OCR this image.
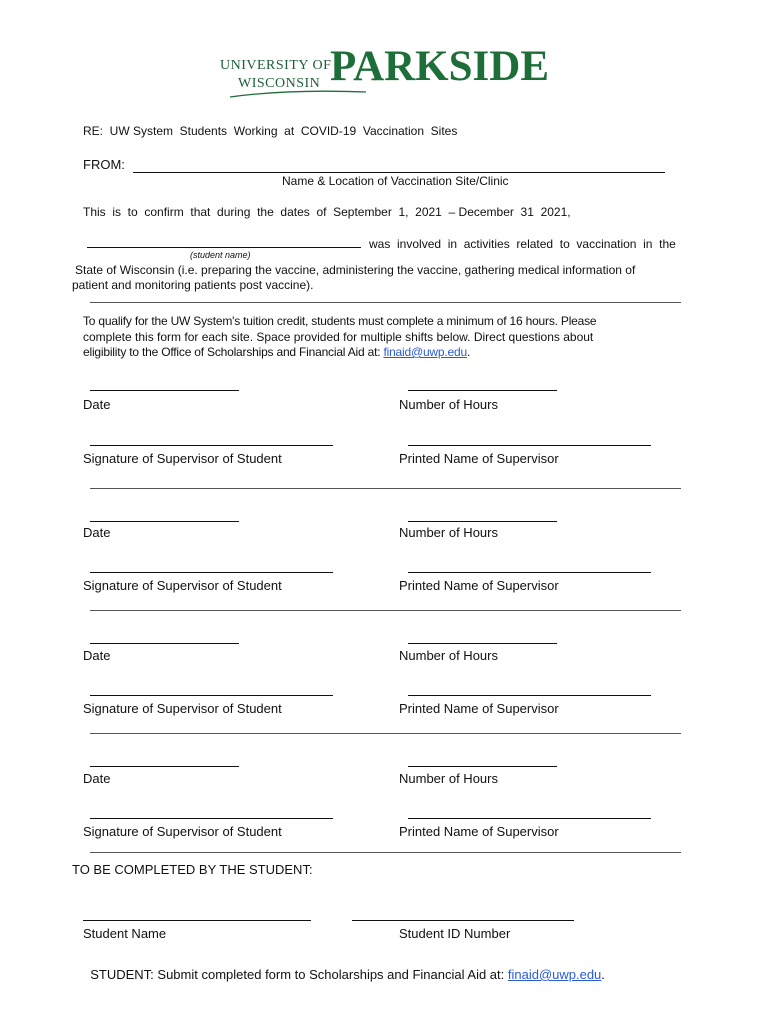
UNIVERSITY OF
WISCONSIN PARKSIDE
RE:  UW System  Students  Working  at  COVID-19  Vaccination  Sites
FROM:
Name & Location of Vaccination Site/Clinic
This  is  to  confirm  that  during  the  dates  of  September  1,  2021  – December  31  2021,
was  involved  in  activities  related  to  vaccination  in  the
(student name)
State of Wisconsin (i.e. preparing the vaccine, administering the vaccine, gathering medical information of
patient and monitoring patients post vaccine).
To qualify for the UW System's tuition credit, students must complete a minimum of 16 hours. Please
complete this form for each site. Space provided for multiple shifts below. Direct questions about
eligibility to the Office of Scholarships and Financial Aid at: finaid@uwp.edu.
Date	Number of Hours
Signature of Supervisor of Student	Printed Name of Supervisor
Date	Number of Hours
Signature of Supervisor of Student	Printed Name of Supervisor
Date	Number of Hours
Signature of Supervisor of Student	Printed Name of Supervisor
Date	Number of Hours
Signature of Supervisor of Student	Printed Name of Supervisor
TO BE COMPLETED BY THE STUDENT:
Student Name	Student ID Number

STUDENT: Submit completed form to Scholarships and Financial Aid at: finaid@uwp.edu.
